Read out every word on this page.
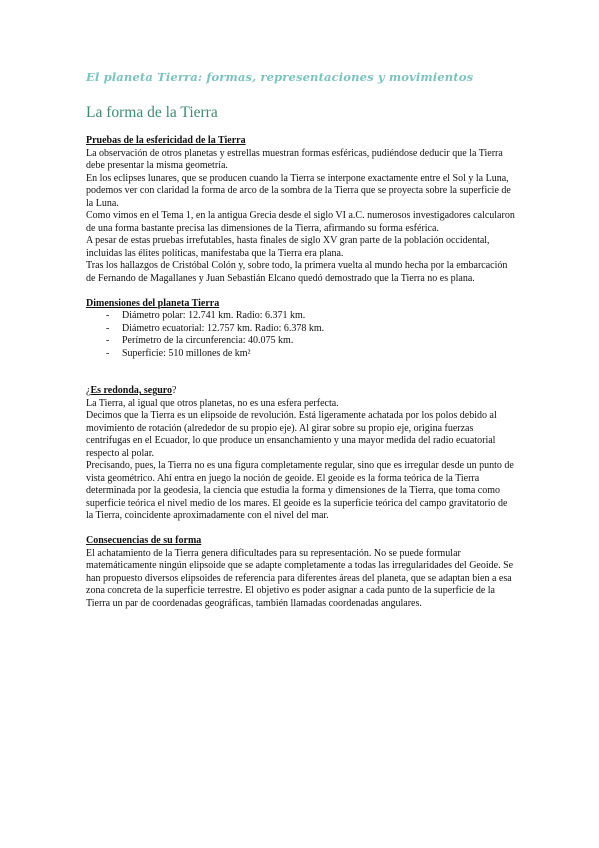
El planeta Tierra: formas, representaciones y movimientos
La forma de la Tierra
Pruebas de la esfericidad de la Tierra
La observación de otros planetas y estrellas muestran formas esféricas, pudiéndose deducir que la Tierra debe presentar la misma geometría.
En los eclipses lunares, que se producen cuando la Tierra se interpone exactamente entre el Sol y la Luna, podemos ver con claridad la forma de arco de la sombra de la Tierra que se proyecta sobre la superficie de la Luna.
Como vimos en el Tema 1, en la antigua Grecia desde el siglo VI a.C. numerosos investigadores calcularon de una forma bastante precisa las dimensiones de la Tierra, afirmando su forma esférica.
A pesar de estas pruebas irrefutables, hasta finales de siglo XV gran parte de la población occidental, incluidas las élites políticas, manifestaba que la Tierra era plana.
Tras los hallazgos de Cristóbal Colón y, sobre todo, la primera vuelta al mundo hecha por la embarcación de Fernando de Magallanes y Juan Sebastián Elcano quedó demostrado que la Tierra no es plana.
Dimensiones del planeta Tierra
- Diámetro polar: 12.741 km. Radio: 6.371 km.
- Diámetro ecuatorial: 12.757 km. Radio: 6.378 km.
- Perímetro de la circunferencia: 40.075 km.
- Superficie: 510 millones de km²
¿Es redonda, seguro?
La Tierra, al igual que otros planetas, no es una esfera perfecta.
Decimos que la Tierra es un elipsoide de revolución. Está ligeramente achatada por los polos debido al movimiento de rotación (alrededor de su propio eje). Al girar sobre su propio eje, origina fuerzas centrífugas en el Ecuador, lo que produce un ensanchamiento y una mayor medida del radio ecuatorial respecto al polar.
Precisando, pues, la Tierra no es una figura completamente regular, sino que es irregular desde un punto de vista geométrico. Ahí entra en juego la noción de geoide. El geoide es la forma teórica de la Tierra determinada por la geodesia, la ciencia que estudia la forma y dimensiones de la Tierra, que toma como superficie teórica el nivel medio de los mares. El geoide es la superficie teórica del campo gravitatorio de la Tierra, coincidente aproximadamente con el nivel del mar.
Consecuencias de su forma
El achatamiento de la Tierra genera dificultades para su representación. No se puede formular matemáticamente ningún elipsoide que se adapte completamente a todas las irregularidades del Geoide. Se han propuesto diversos elipsoides de referencia para diferentes áreas del planeta, que se adaptan bien a esa zona concreta de la superficie terrestre. El objetivo es poder asignar a cada punto de la superficie de la Tierra un par de coordenadas geográficas, también llamadas coordenadas angulares.
